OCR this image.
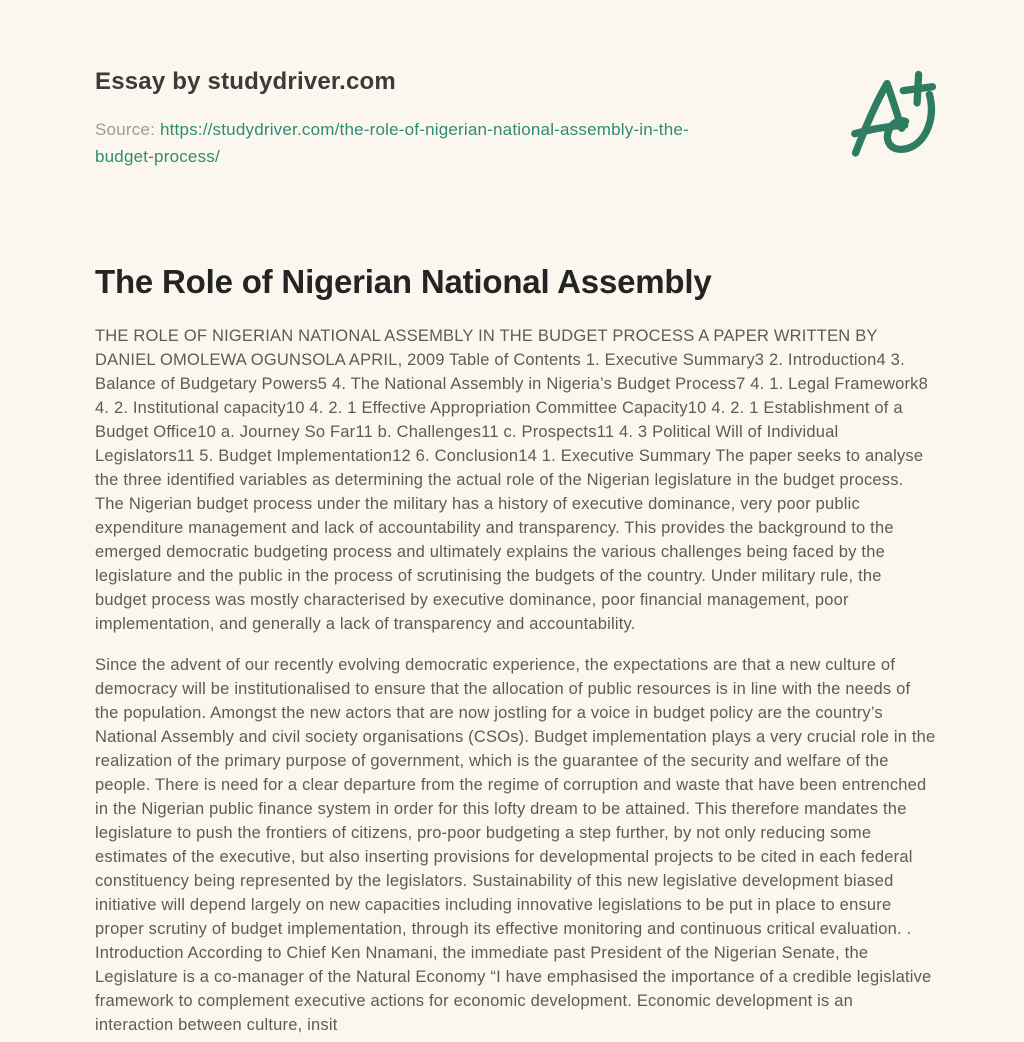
Essay by studydriver.com
Source: https://studydriver.com/the-role-of-nigerian-national-assembly-in-the-budget-process/
The Role of Nigerian National Assembly

THE ROLE OF NIGERIAN NATIONAL ASSEMBLY IN THE BUDGET PROCESS A PAPER WRITTEN BY DANIEL OMOLEWA OGUNSOLA APRIL, 2009 Table of Contents 1. Executive Summary3 2. Introduction4 3. Balance of Budgetary Powers5 4. The National Assembly in Nigeria’s Budget Process7 4. 1. Legal Framework8 4. 2. Institutional capacity10 4. 2. 1 Effective Appropriation Committee Capacity10 4. 2. 1 Establishment of a Budget Office10 a. Journey So Far11 b. Challenges11 c. Prospects11 4. 3 Political Will of Individual Legislators11 5. Budget Implementation12 6. Conclusion14 1. Executive Summary The paper seeks to analyse the three identified variables as determining the actual role of the Nigerian legislature in the budget process. The Nigerian budget process under the military has a history of executive dominance, very poor public expenditure management and lack of accountability and transparency. This provides the background to the emerged democratic budgeting process and ultimately explains the various challenges being faced by the legislature and the public in the process of scrutinising the budgets of the country. Under military rule, the budget process was mostly characterised by executive dominance, poor financial management, poor implementation, and generally a lack of transparency and accountability.

Since the advent of our recently evolving democratic experience, the expectations are that a new culture of democracy will be institutionalised to ensure that the allocation of public resources is in line with the needs of the population. Amongst the new actors that are now jostling for a voice in budget policy are the country’s National Assembly and civil society organisations (CSOs). Budget implementation plays a very crucial role in the realization of the primary purpose of government, which is the guarantee of the security and welfare of the people. There is need for a clear departure from the regime of corruption and waste that have been entrenched in the Nigerian public finance system in order for this lofty dream to be attained. This therefore mandates the legislature to push the frontiers of citizens, pro-poor budgeting a step further, by not only reducing some estimates of the executive, but also inserting provisions for developmental projects to be cited in each federal constituency being represented by the legislators. Sustainability of this new legislative development biased initiative will depend largely on new capacities including innovative legislations to be put in place to ensure proper scrutiny of budget implementation, through its effective monitoring and continuous critical evaluation. . Introduction According to Chief Ken Nnamani, the immediate past President of the Nigerian Senate, the Legislature is a co-manager of the Natural Economy “I have emphasised the importance of a credible legislative framework to complement executive actions for economic development. Economic development is an interaction between culture, insit
